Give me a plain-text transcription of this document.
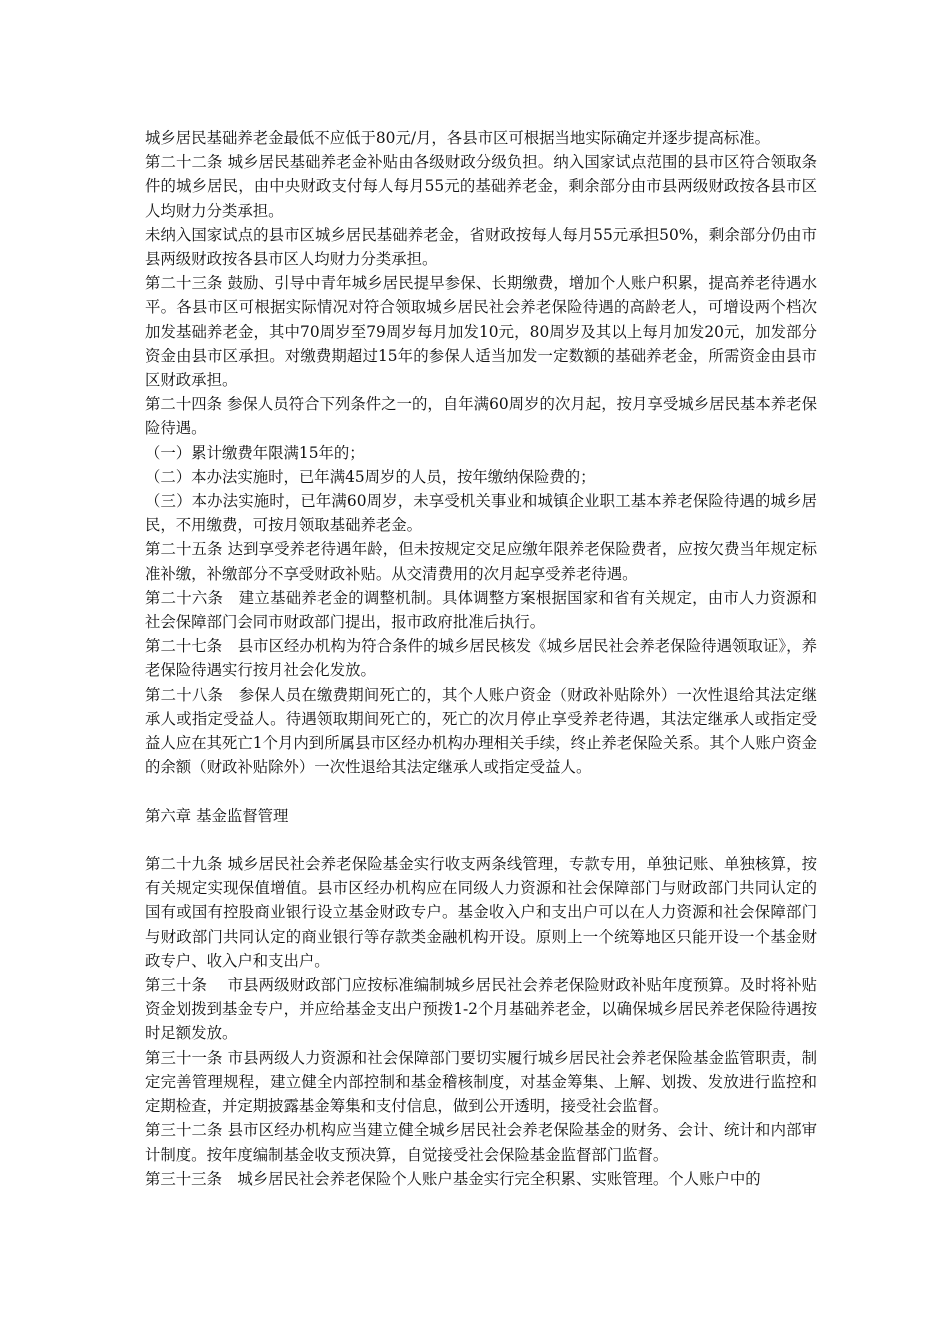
城乡居民基础养老金最低不应低于80元/月，各县市区可根据当地实际确定并逐步提高标准。

第二十二条 城乡居民基础养老金补贴由各级财政分级负担。纳入国家试点范围的县市区符合领取条件的城乡居民，由中央财政支付每人每月55元的基础养老金，剩余部分由市县两级财政按各县市区人均财力分类承担。

未纳入国家试点的县市区城乡居民基础养老金，省财政按每人每月55元承担50%，剩余部分仍由市县两级财政按各县市区人均财力分类承担。

第二十三条 鼓励、引导中青年城乡居民提早参保、长期缴费，增加个人账户积累，提高养老待遇水平。各县市区可根据实际情况对符合领取城乡居民社会养老保险待遇的高龄老人，可增设两个档次加发基础养老金，其中70周岁至79周岁每月加发10元，80周岁及其以上每月加发20元，加发部分资金由县市区承担。对缴费期超过15年的参保人适当加发一定数额的基础养老金，所需资金由县市区财政承担。

第二十四条 参保人员符合下列条件之一的，自年满60周岁的次月起，按月享受城乡居民基本养老保险待遇。

（一）累计缴费年限满15年的；

（二）本办法实施时，已年满45周岁的人员，按年缴纳保险费的；

（三）本办法实施时，已年满60周岁，未享受机关事业和城镇企业职工基本养老保险待遇的城乡居民，不用缴费，可按月领取基础养老金。

第二十五条 达到享受养老待遇年龄，但未按规定交足应缴年限养老保险费者，应按欠费当年规定标准补缴，补缴部分不享受财政补贴。从交清费用的次月起享受养老待遇。

第二十六条　建立基础养老金的调整机制。具体调整方案根据国家和省有关规定，由市人力资源和社会保障部门会同市财政部门提出，报市政府批准后执行。

第二十七条　县市区经办机构为符合条件的城乡居民核发《城乡居民社会养老保险待遇领取证》，养老保险待遇实行按月社会化发放。

第二十八条　参保人员在缴费期间死亡的，其个人账户资金（财政补贴除外）一次性退给其法定继承人或指定受益人。待遇领取期间死亡的，死亡的次月停止享受养老待遇，其法定继承人或指定受益人应在其死亡1个月内到所属县市区经办机构办理相关手续，终止养老保险关系。其个人账户资金的余额（财政补贴除外）一次性退给其法定继承人或指定受益人。

第六章 基金监督管理

第二十九条 城乡居民社会养老保险基金实行收支两条线管理，专款专用，单独记账、单独核算，按有关规定实现保值增值。县市区经办机构应在同级人力资源和社会保障部门与财政部门共同认定的国有或国有控股商业银行设立基金财政专户。基金收入户和支出户可以在人力资源和社会保障部门与财政部门共同认定的商业银行等存款类金融机构开设。原则上一个统筹地区只能开设一个基金财政专户、收入户和支出户。

第三十条　 市县两级财政部门应按标准编制城乡居民社会养老保险财政补贴年度预算。及时将补贴资金划拨到基金专户，并应给基金支出户预拨1-2个月基础养老金，以确保城乡居民养老保险待遇按时足额发放。

第三十一条 市县两级人力资源和社会保障部门要切实履行城乡居民社会养老保险基金监管职责，制定完善管理规程，建立健全内部控制和基金稽核制度，对基金筹集、上解、划拨、发放进行监控和定期检查，并定期披露基金筹集和支付信息，做到公开透明，接受社会监督。

第三十二条 县市区经办机构应当建立健全城乡居民社会养老保险基金的财务、会计、统计和内部审计制度。按年度编制基金收支预决算，自觉接受社会保险基金监督部门监督。

第三十三条　城乡居民社会养老保险个人账户基金实行完全积累、实账管理。个人账户中的
